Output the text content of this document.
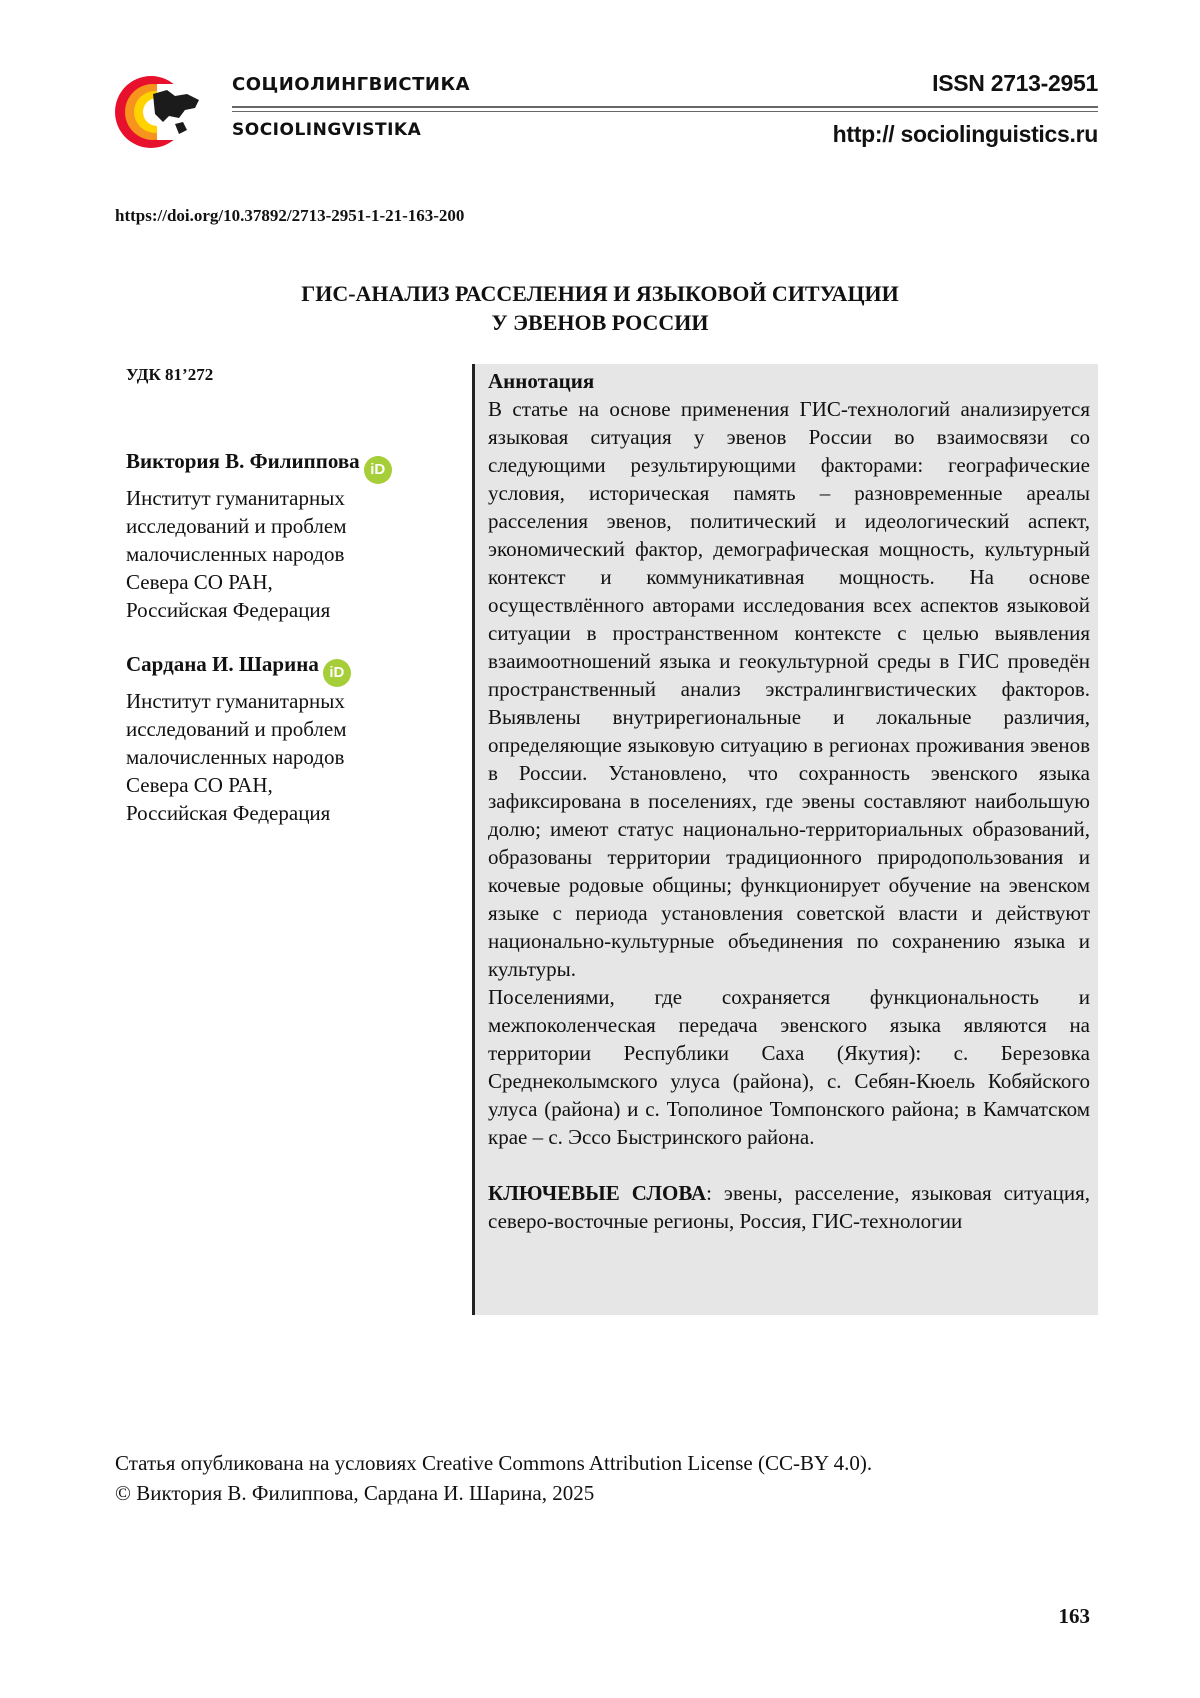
СОЦИОЛИНГВИСТИКА
SOCIOLINGVISTIKA
ISSN 2713-2951
http:// sociolinguistics.ru
https://doi.org/10.37892/2713-2951-1-21-163-200
ГИС-АНАЛИЗ РАССЕЛЕНИЯ И ЯЗЫКОВОЙ СИТУАЦИИ
У ЭВЕНОВ РОССИИ
УДК 81’272
Виктория В. Филиппова iD
Институт гуманитарных
исследований и проблем
малочисленных народов
Севера СО РАН,
Российская Федерация
Сардана И. Шарина iD
Институт гуманитарных
исследований и проблем
малочисленных народов
Севера СО РАН,
Российская Федерация
Аннотация

В статье на основе применения ГИС-технологий анализируется языковая ситуация у эвенов России во взаимосвязи со следующими результирующими факторами: географические условия, историческая память – разновременные ареалы расселения эвенов, политический и идеологический аспект, экономический фактор, демографическая мощность, культурный контекст и коммуникативная мощность. На основе осуществлённого авторами исследования всех аспектов языковой ситуации в пространственном контексте с целью выявления взаимоотношений языка и геокультурной среды в ГИС проведён пространственный анализ экстралингвистических факторов. Выявлены внутрирегиональные и локальные различия, определяющие языковую ситуацию в регионах проживания эвенов в России. Установлено, что сохранность эвенского языка зафиксирована в поселениях, где эвены составляют наибольшую долю; имеют статус национально-территориальных образований, образованы территории традиционного природопользования и кочевые родовые общины; функционирует обучение на эвенском языке с периода установления советской власти и действуют национально-культурные объединения по сохранению языка и культуры.

Поселениями, где сохраняется функциональность и межпоколенческая передача эвенского языка являются на территории Республики Саха (Якутия): с. Березовка Среднеколымского улуса (района), с. Себян-Кюель Кобяйского улуса (района) и с. Тополиное Томпонского района; в Камчатском крае – с. Эссо Быстринского района.

КЛЮЧЕВЫЕ СЛОВА: эвены, расселение, языковая ситуация, северо-восточные регионы, Россия, ГИС-технологии

Статья опубликована на условиях Creative Commons Attribution License (CC-BY 4.0).
© Виктория В. Филиппова, Сардана И. Шарина, 2025
163
